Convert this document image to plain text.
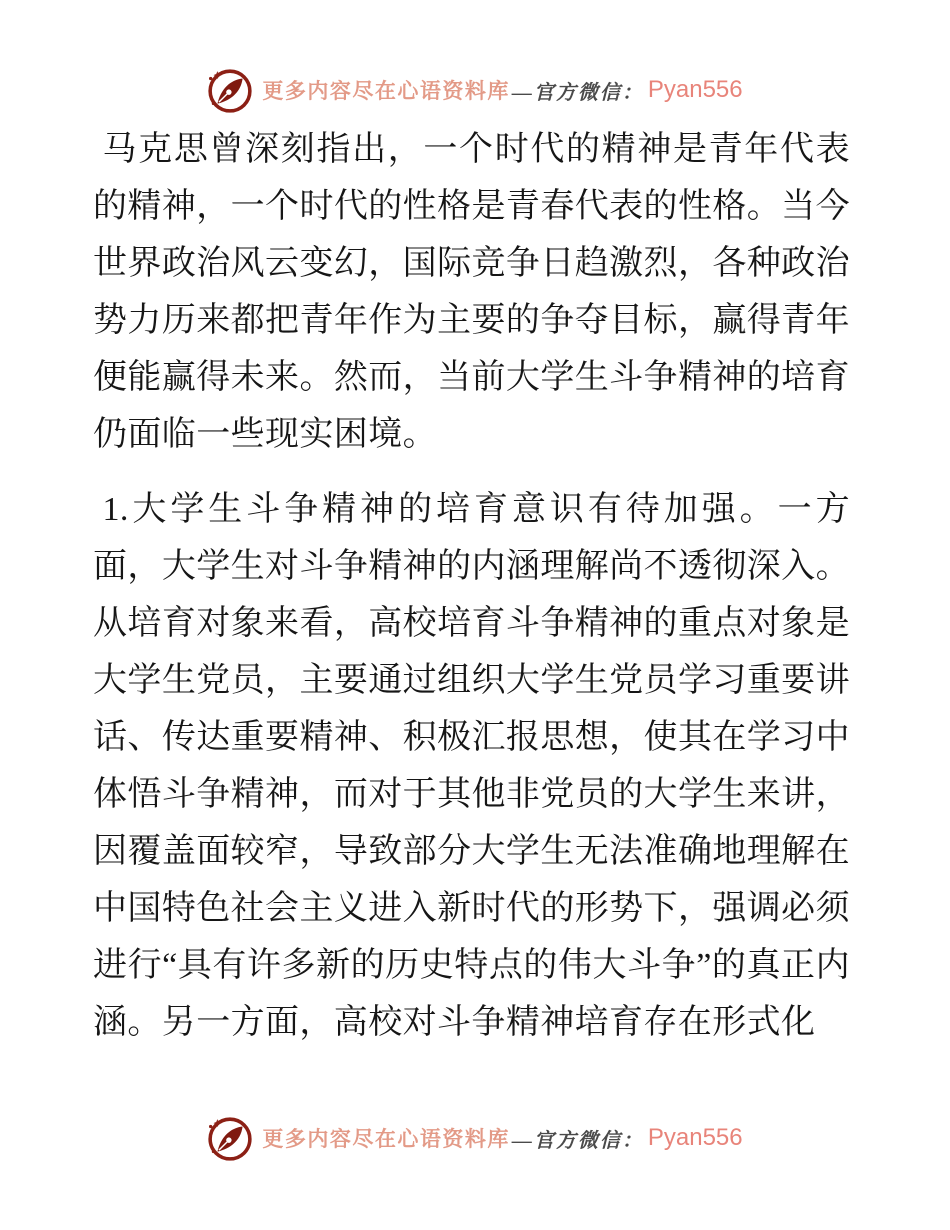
更多内容尽在心语资料库 —官方微信： Pyan556

马克思曾深刻指出，一个时代的精神是青年代表的精神，一个时代的性格是青春代表的性格。当今世界政治风云变幻，国际竞争日趋激烈，各种政治势力历来都把青年作为主要的争夺目标，赢得青年便能赢得未来。然而，当前大学生斗争精神的培育仍面临一些现实困境。

1.大学生斗争精神的培育意识有待加强。一方面，大学生对斗争精神的内涵理解尚不透彻深入。从培育对象来看，高校培育斗争精神的重点对象是大学生党员，主要通过组织大学生党员学习重要讲话、传达重要精神、积极汇报思想，使其在学习中体悟斗争精神，而对于其他非党员的大学生来讲，因覆盖面较窄，导致部分大学生无法准确地理解在中国特色社会主义进入新时代的形势下，强调必须进行“具有许多新的历史特点的伟大斗争”的真正内涵。另一方面，高校对斗争精神培育存在形式化

更多内容尽在心语资料库 —官方微信： Pyan556
